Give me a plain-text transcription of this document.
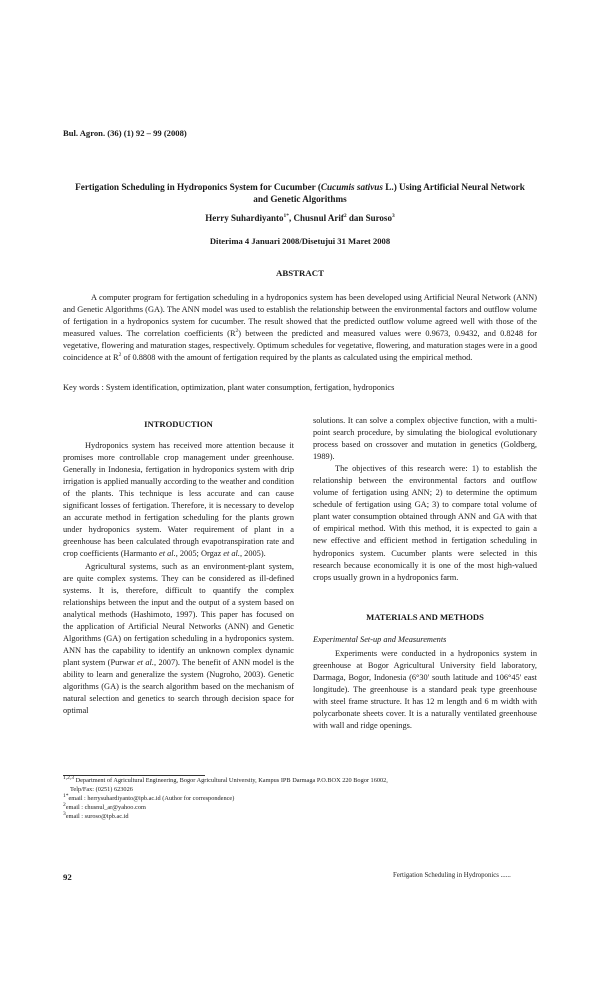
Bul. Agron. (36) (1) 92 – 99 (2008)
Fertigation Scheduling in Hydroponics System for Cucumber (Cucumis sativus L.) Using Artificial Neural Network and Genetic Algorithms
Herry Suhardiyanto$^{1*}$, Chusnul Arif$^2$ dan Suroso$^3$
Diterima 4 Januari 2008/Disetujui 31 Maret 2008
ABSTRACT

A computer program for fertigation scheduling in a hydroponics system has been developed using Artificial Neural Network (ANN) and Genetic Algorithms (GA). The ANN model was used to establish the relationship between the environmental factors and outflow volume of fertigation in a hydroponics system for cucumber. The result showed that the predicted outflow volume agreed well with those of the measured values. The correlation coefficients $(R^2)$ between the predicted and measured values were 0.9673, 0.9432, and 0.8248 for vegetative, flowering and maturation stages, respectively. Optimum schedules for vegetative, flowering, and maturation stages were in a good coincidence at $R^2$ of 0.8808 with the amount of fertigation required by the plants as calculated using the empirical method.

Key words : System identification, optimization, plant water consumption, fertigation, hydroponics
INTRODUCTION

Hydroponics system has received more attention because it promises more controllable crop management under greenhouse. Generally in Indonesia, fertigation in hydroponics system with drip irrigation is applied manually according to the weather and condition of the plants. This technique is less accurate and can cause significant losses of fertigation. Therefore, it is necessary to develop an accurate method in fertigation scheduling for the plants grown under hydroponics system. Water requirement of plant in a greenhouse has been calculated through evapotranspiration rate and crop coefficients (Harmanto et al., 2005; Orgaz et al., 2005).

Agricultural systems, such as an environment-plant system, are quite complex systems. They can be considered as ill-defined systems. It is, therefore, difficult to quantify the complex relationships between the input and the output of a system based on analytical methods (Hashimoto, 1997). This paper has focused on the application of Artificial Neural Networks (ANN) and Genetic Algorithms (GA) on fertigation scheduling in a hydroponics system. ANN has the capability to identify an unknown complex dynamic plant system (Purwar et al., 2007). The benefit of ANN model is the ability to learn and generalize the system (Nugroho, 2003). Genetic algorithms (GA) is the search algorithm based on the mechanism of natural selection and genetics to search through decision space for optimal

solutions. It can solve a complex objective function, with a multi-point search procedure, by simulating the biological evolutionary process based on crossover and mutation in genetics (Goldberg, 1989).

The objectives of this research were: 1) to establish the relationship between the environmental factors and outflow volume of fertigation using ANN; 2) to determine the optimum schedule of fertigation using GA; 3) to compare total volume of plant water consumption obtained through ANN and GA with that of empirical method. With this method, it is expected to gain a new effective and efficient method in fertigation scheduling in hydroponics system. Cucumber plants were selected in this research because economically it is one of the most high-valued crops usually grown in a hydroponics farm.

MATERIALS AND METHODS
Experimental Set-up and Measurements

Experiments were conducted in a hydroponics system in greenhouse at Bogor Agricultural University field laboratory, Darmaga, Bogor, Indonesia (6°30' south latitude and 106°45' east longitude). The greenhouse is a standard peak type greenhouse with steel frame structure. It has 12 m length and 6 m width with polycarbonate sheets cover. It is a naturally ventilated greenhouse with wall and ridge openings.

$^{1,2,3}$ Department of Agricultural Engineering, Bogor Agricultural University, Kampus IPB Darmaga P.O.BOX 220 Bogor 16002,
Telp/Fax: (0251) 623026
$^{1*}$email : herrysuhardiyanto@ipb.ac.id (Author for correspondence)
$^2$email : chusnul_ar@yahoo.com
$^3$email : suroso@ipb.ac.id
92	Fertigation Scheduling in Hydroponics ......
